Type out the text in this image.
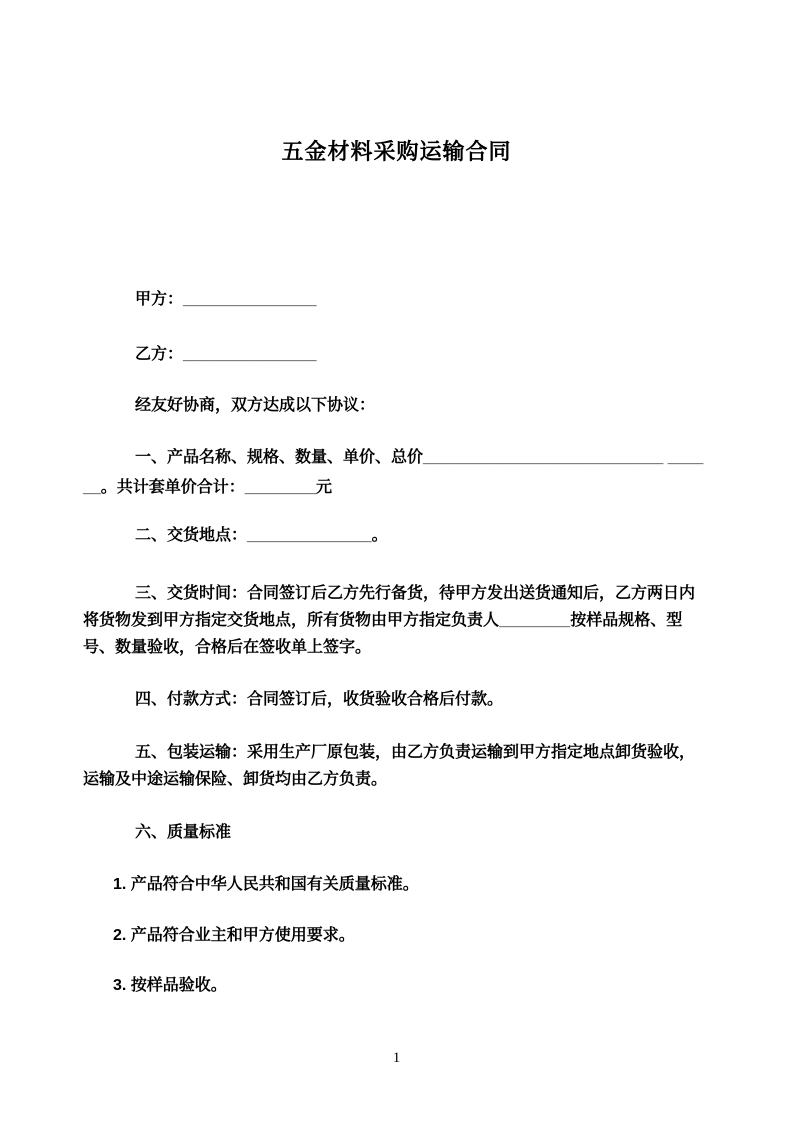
五金材料采购运输合同

甲方：_______________

乙方：_______________

经友好协商，双方达成以下协议：

一、产品名称、规格、数量、单价、总价___________________________ ____

__。共计套单价合计：________元

二、交货地点：______________。

三、交货时间：合同签订后乙方先行备货，待甲方发出送货通知后，乙方两日内

将货物发到甲方指定交货地点，所有货物由甲方指定负责人________按样品规格、型

号、数量验收，合格后在签收单上签字。

四、付款方式：合同签订后，收货验收合格后付款。

五、包装运输：采用生产厂原包装，由乙方负责运输到甲方指定地点卸货验收，

运输及中途运输保险、卸货均由乙方负责。

六、质量标准

1. 产品符合中华人民共和国有关质量标准。

2. 产品符合业主和甲方使用要求。

3. 按样品验收。

1
